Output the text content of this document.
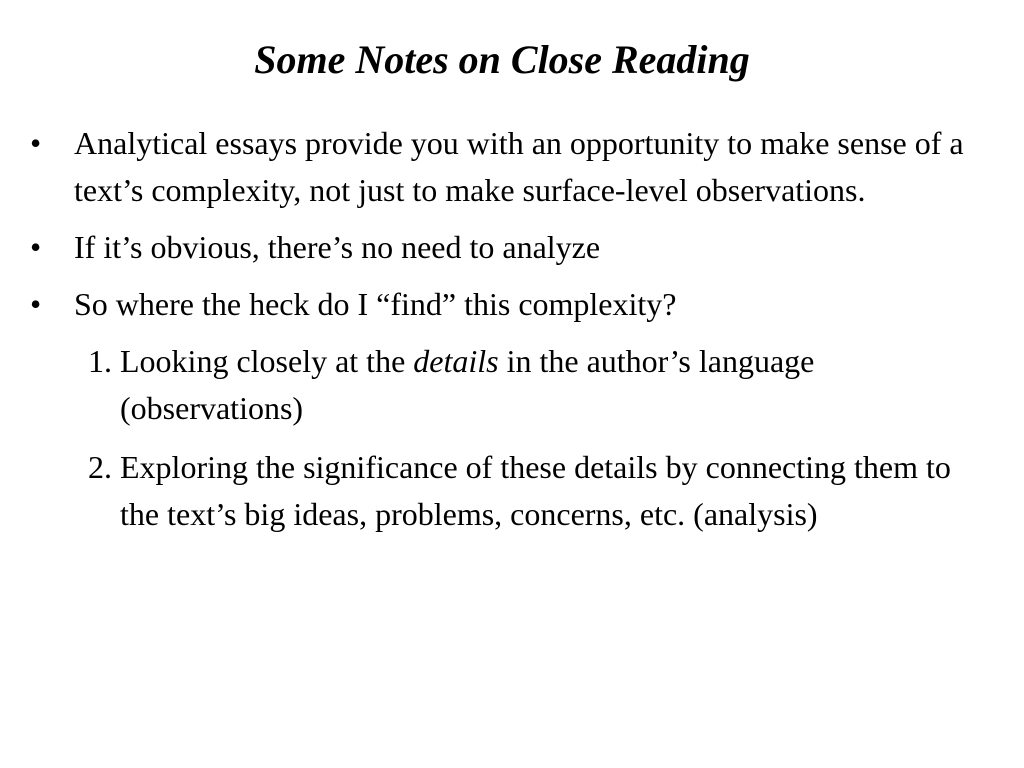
Some Notes on Close Reading
• Analytical essays provide you with an opportunity to make sense of a text’s complexity, not just to make surface-level observations.
• If it’s obvious, there’s no need to analyze
• So where the heck do I “find” this complexity?
1. Looking closely at the details in the author’s language (observations)
2. Exploring the significance of these details by connecting them to the text’s big ideas, problems, concerns, etc. (analysis)
